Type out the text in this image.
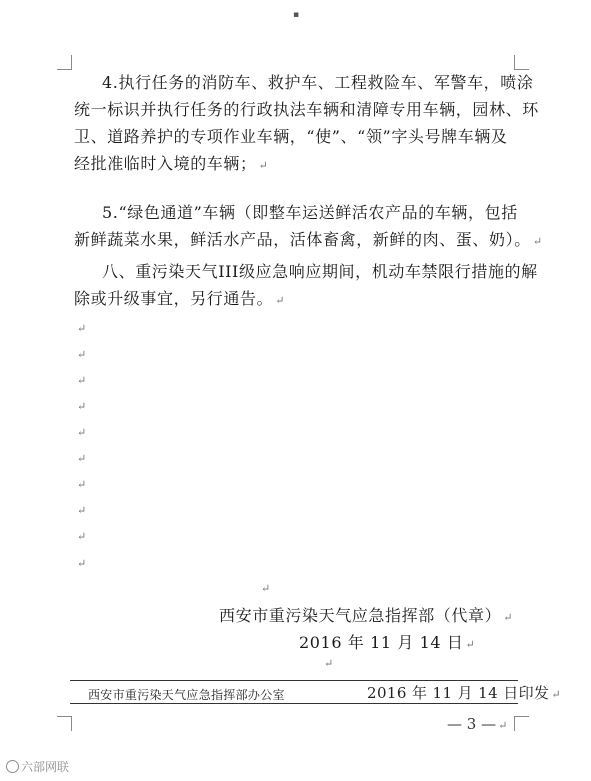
▪
4.执行任务的消防车、救护车、工程救险车、军警车，喷涂
统一标识并执行任务的行政执法车辆和清障专用车辆，园林、环
卫、道路养护的专项作业车辆，“使”、“领”字头号牌车辆及
经批准临时入境的车辆； ↵
5.“绿色通道”车辆（即整车运送鲜活农产品的车辆，包括
新鲜蔬菜水果，鲜活水产品，活体畜禽，新鲜的肉、蛋、奶）。 ↵
八、重污染天气III级应急响应期间，机动车禁限行措施的解
除或升级事宜，另行通告。 ↵
↵
↵
↵
↵
↵
↵
↵
↵
↵
↵
↵
西安市重污染天气应急指挥部（代章） ↵
2016 年 11 月 14 日 ↵
↵
西安市重污染天气应急指挥部办公室	2016 年 11 月 14 日印发 ↵
— 3 — ↵
六部网联
